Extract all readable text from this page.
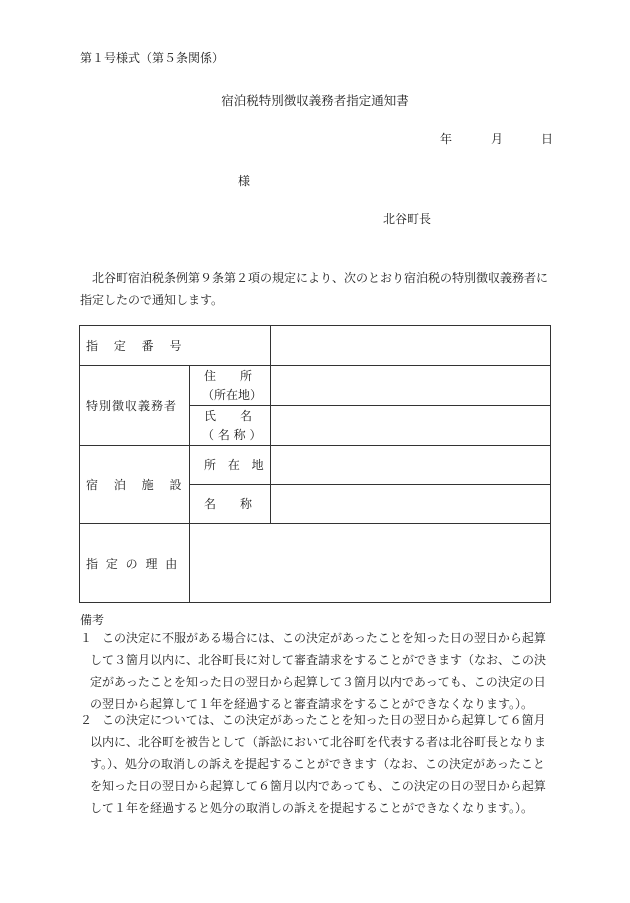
第１号様式（第５条関係）
宿泊税特別徴収義務者指定通知書
年	月	日
様
北谷町長
北谷町宿泊税条例第９条第２項の規定により、次のとおり宿泊税の特別徴収義務者に指定したので通知します。
指 定 番 号		
特別徴収義務者	住　　所
（所在地）	

	氏　　名
（ 名 称 ）	

宿 泊 施 設	所 在 地	

	名　　称	

指 定 の 理 由		
備考
１ この決定に不服がある場合には、この決定があったことを知った日の翌日から起算して３箇月以内に、北谷町長に対して審査請求をすることができます（なお、この決定があったことを知った日の翌日から起算して３箇月以内であっても、この決定の日の翌日から起算して１年を経過すると審査請求をすることができなくなります。）。
２ この決定については、この決定があったことを知った日の翌日から起算して６箇月以内に、北谷町を被告として（訴訟において北谷町を代表する者は北谷町長となります。）、処分の取消しの訴えを提起することができます（なお、この決定があったことを知った日の翌日から起算して６箇月以内であっても、この決定の日の翌日から起算して１年を経過すると処分の取消しの訴えを提起することができなくなります。）。
